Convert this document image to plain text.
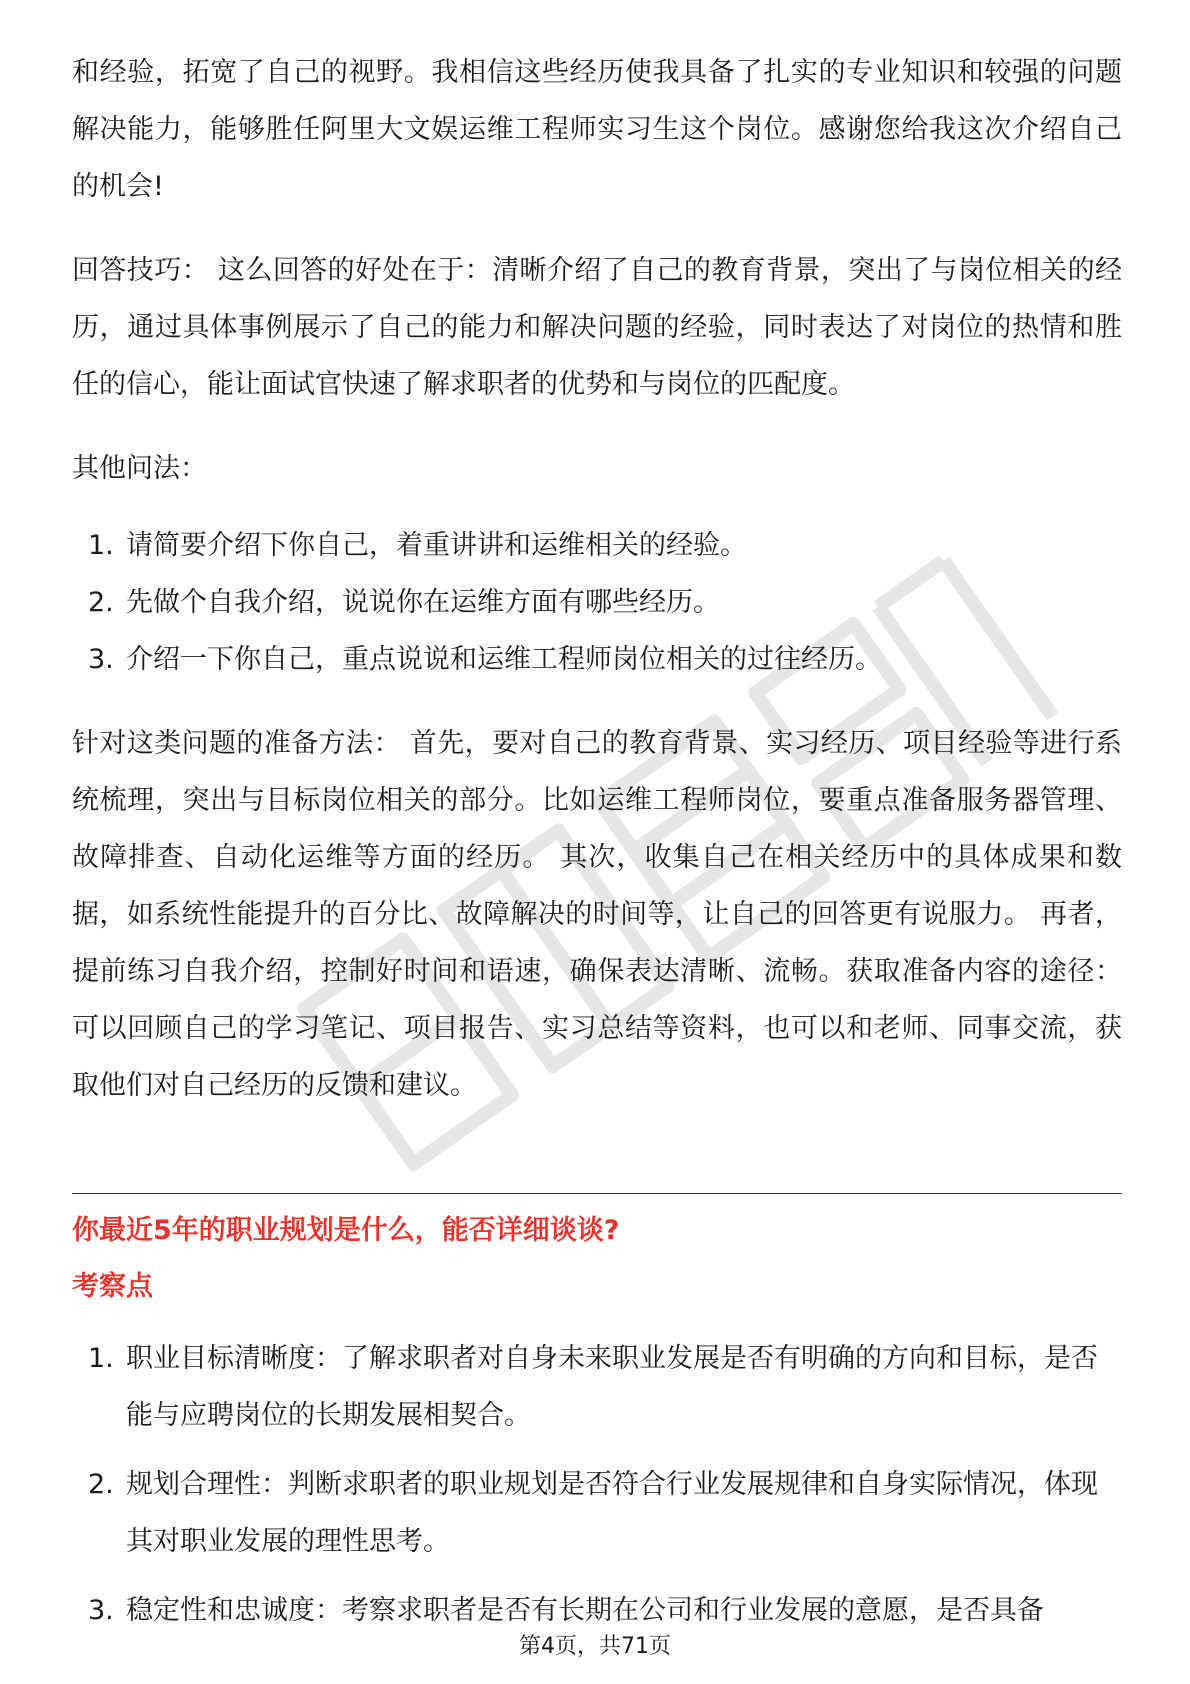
和经验，拓宽了自己的视野。我相信这些经历使我具备了扎实的专业知识和较强的问题解决能力，能够胜任阿里大文娱运维工程师实习生这个岗位。感谢您给我这次介绍自己的机会!

回答技巧： 这么回答的好处在于：清晰介绍了自己的教育背景，突出了与岗位相关的经历，通过具体事例展示了自己的能力和解决问题的经验，同时表达了对岗位的热情和胜任的信心，能让面试官快速了解求职者的优势和与岗位的匹配度。

其他问法：

1. 请简要介绍下你自己，着重讲讲和运维相关的经验。
2. 先做个自我介绍，说说你在运维方面有哪些经历。
3. 介绍一下你自己，重点说说和运维工程师岗位相关的过往经历。

针对这类问题的准备方法： 首先，要对自己的教育背景、实习经历、项目经验等进行系统梳理，突出与目标岗位相关的部分。比如运维工程师岗位，要重点准备服务器管理、故障排查、自动化运维等方面的经历。 其次，收集自己在相关经历中的具体成果和数据，如系统性能提升的百分比、故障解决的时间等，让自己的回答更有说服力。 再者，提前练习自我介绍，控制好时间和语速，确保表达清晰、流畅。获取准备内容的途径：可以回顾自己的学习笔记、项目报告、实习总结等资料，也可以和老师、同事交流，获取他们对自己经历的反馈和建议。

你最近5年的职业规划是什么，能否详细谈谈?
考察点
1. 职业目标清晰度：了解求职者对自身未来职业发展是否有明确的方向和目标，是否能与应聘岗位的长期发展相契合。
2. 规划合理性：判断求职者的职业规划是否符合行业发展规律和自身实际情况，体现其对职业发展的理性思考。
3. 稳定性和忠诚度：考察求职者是否有长期在公司和行业发展的意愿，是否具备
第4页，共71页
